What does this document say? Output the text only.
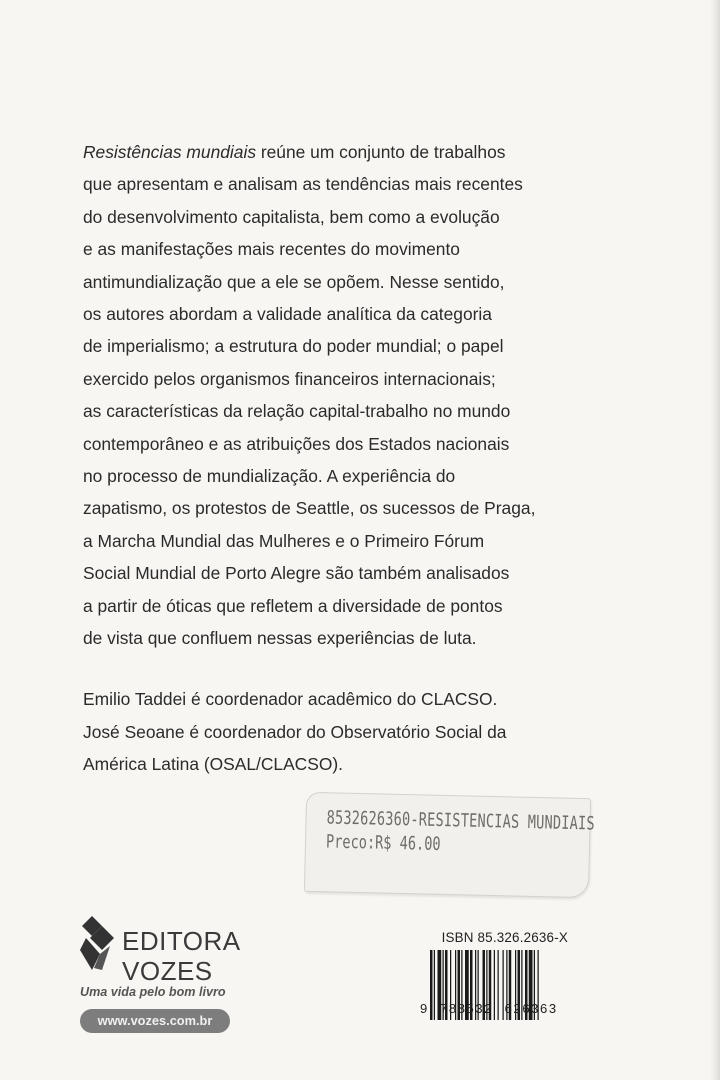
Resistências mundiais reúne um conjunto de trabalhos
que apresentam e analisam as tendências mais recentes
do desenvolvimento capitalista, bem como a evolução
e as manifestações mais recentes do movimento
antimundialização que a ele se opõem. Nesse sentido,
os autores abordam a validade analítica da categoria
de imperialismo; a estrutura do poder mundial; o papel
exercido pelos organismos financeiros internacionais;
as características da relação capital-trabalho no mundo
contemporâneo e as atribuições dos Estados nacionais
no processo de mundialização. A experiência do
zapatismo, os protestos de Seattle, os sucessos de Praga,
a Marcha Mundial das Mulheres e o Primeiro Fórum
Social Mundial de Porto Alegre são também analisados
a partir de óticas que refletem a diversidade de pontos
de vista que confluem nessas experiências de luta.
Emilio Taddei é coordenador acadêmico do CLACSO.
José Seoane é coordenador do Observatório Social da
América Latina (OSAL/CLACSO).
8532626360-RESISTENCIAS MUNDIAIS
Preco:R$ 46.00
EDITORA
VOZES
Uma vida pelo bom livro
www.vozes.com.br
ISBN 85.326.2636-X
9 788532 626363
